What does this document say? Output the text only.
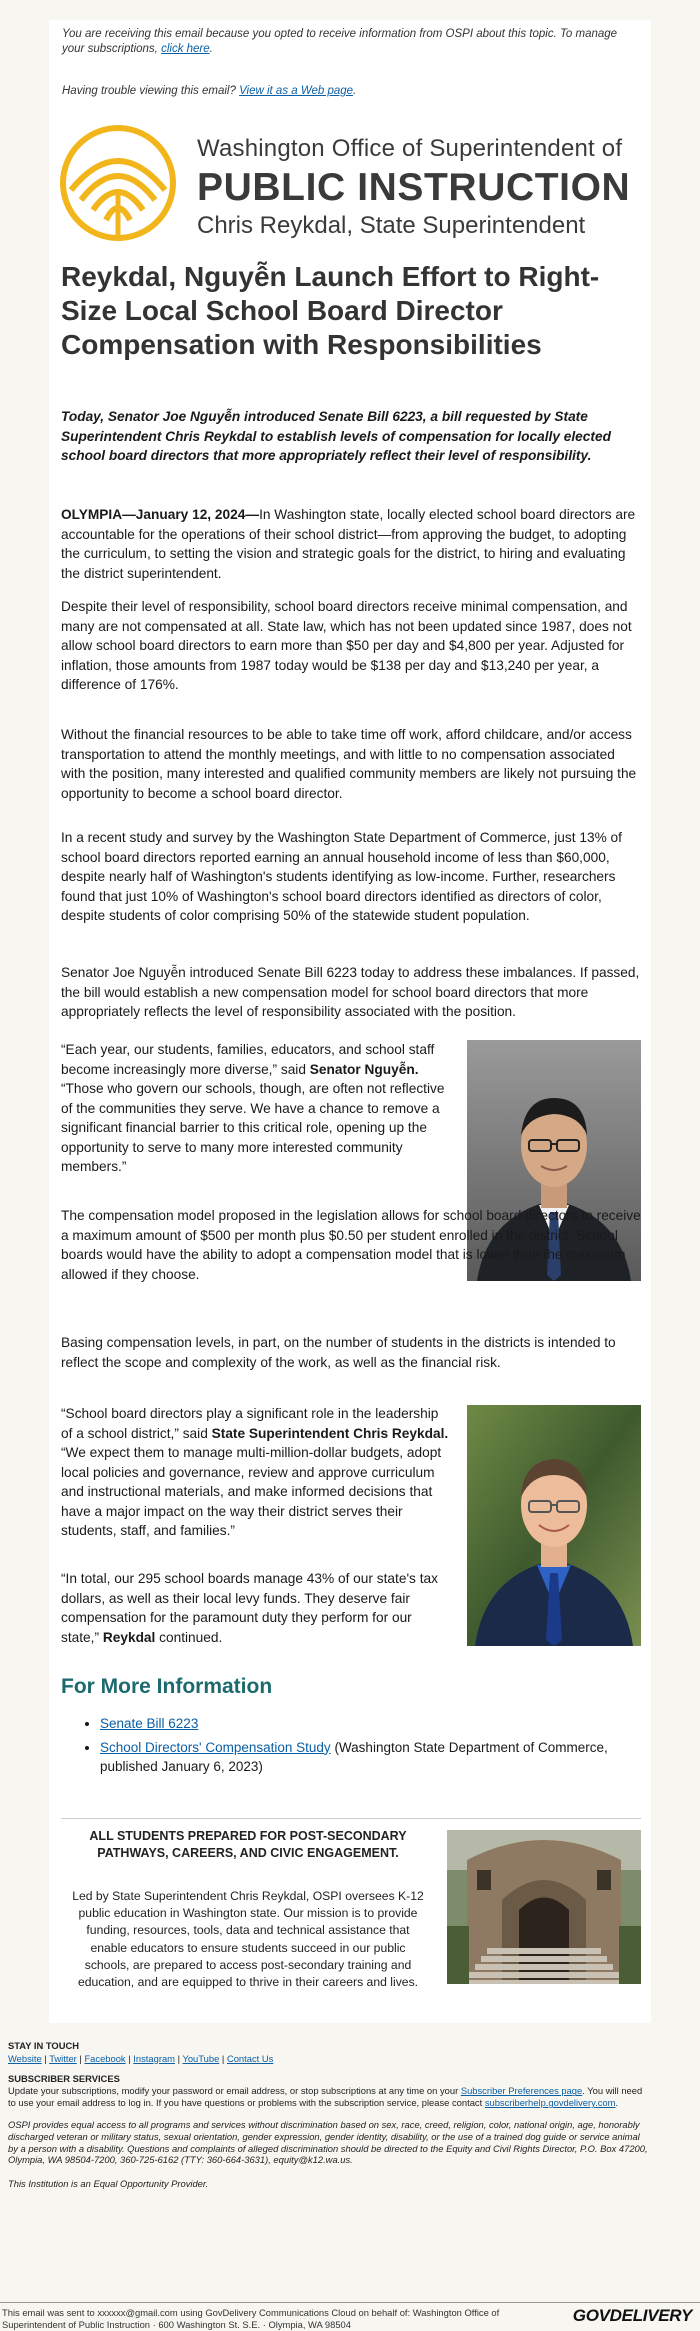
You are receiving this email because you opted to receive information from OSPI about this topic. To manage your subscriptions, click here.

Having trouble viewing this email? View it as a Web page.

Washington Office of Superintendent of
PUBLIC INSTRUCTION
Chris Reykdal, State Superintendent
Reykdal, Nguyễn Launch Effort to Right-Size Local School Board Director Compensation with Responsibilities

Today, Senator Joe Nguyễn introduced Senate Bill 6223, a bill requested by State Superintendent Chris Reykdal to establish levels of compensation for locally elected school board directors that more appropriately reflect their level of responsibility.

OLYMPIA—January 12, 2024—In Washington state, locally elected school board directors are accountable for the operations of their school district—from approving the budget, to adopting the curriculum, to setting the vision and strategic goals for the district, to hiring and evaluating the district superintendent.

Despite their level of responsibility, school board directors receive minimal compensation, and many are not compensated at all. State law, which has not been updated since 1987, does not allow school board directors to earn more than $50 per day and $4,800 per year. Adjusted for inflation, those amounts from 1987 today would be $138 per day and $13,240 per year, a difference of 176%.

Without the financial resources to be able to take time off work, afford childcare, and/or access transportation to attend the monthly meetings, and with little to no compensation associated with the position, many interested and qualified community members are likely not pursuing the opportunity to become a school board director.

In a recent study and survey by the Washington State Department of Commerce, just 13% of school board directors reported earning an annual household income of less than $60,000, despite nearly half of Washington's students identifying as low-income. Further, researchers found that just 10% of Washington's school board directors identified as directors of color, despite students of color comprising 50% of the statewide student population.

Senator Joe Nguyễn introduced Senate Bill 6223 today to address these imbalances. If passed, the bill would establish a new compensation model for school board directors that more appropriately reflects the level of responsibility associated with the position.

“Each year, our students, families, educators, and school staff become increasingly more diverse,” said Senator Nguyễn. “Those who govern our schools, though, are often not reflective of the communities they serve. We have a chance to remove a significant financial barrier to this critical role, opening up the opportunity to serve to many more interested community members.”

The compensation model proposed in the legislation allows for school board directors to receive a maximum amount of $500 per month plus $0.50 per student enrolled in the district. School boards would have the ability to adopt a compensation model that is lower than the maximum allowed if they choose.

Basing compensation levels, in part, on the number of students in the districts is intended to reflect the scope and complexity of the work, as well as the financial risk.

“School board directors play a significant role in the leadership of a school district,” said State Superintendent Chris Reykdal. “We expect them to manage multi-million-dollar budgets, adopt local policies and governance, review and approve curriculum and instructional materials, and make informed decisions that have a major impact on the way their district serves their students, staff, and families.”

“In total, our 295 school boards manage 43% of our state's tax dollars, as well as their local levy funds. They deserve fair compensation for the paramount duty they perform for our state,” Reykdal continued.

For More Information
• Senate Bill 6223
• School Directors' Compensation Study (Washington State Department of Commerce, published January 6, 2023)
ALL STUDENTS PREPARED FOR POST-SECONDARY PATHWAYS, CAREERS, AND CIVIC ENGAGEMENT.
Led by State Superintendent Chris Reykdal, OSPI oversees K-12 public education in Washington state. Our mission is to provide funding, resources, tools, data and technical assistance that enable educators to ensure students succeed in our public schools, are prepared to access post-secondary training and education, and are equipped to thrive in their careers and lives.
STAY IN TOUCH
Website | Twitter | Facebook | Instagram | YouTube | Contact Us
SUBSCRIBER SERVICES
Update your subscriptions, modify your password or email address, or stop subscriptions at any time on your Subscriber Preferences page. You will need to use your email address to log in. If you have questions or problems with the subscription service, please contact subscriberhelp.govdelivery.com.
OSPI provides equal access to all programs and services without discrimination based on sex, race, creed, religion, color, national origin, age, honorably discharged veteran or military status, sexual orientation, gender expression, gender identity, disability, or the use of a trained dog guide or service animal by a person with a disability. Questions and complaints of alleged discrimination should be directed to the Equity and Civil Rights Director, P.O. Box 47200, Olympia, WA 98504-7200, 360-725-6162 (TTY: 360-664-3631), equity@k12.wa.us.
This Institution is an Equal Opportunity Provider.
This email was sent to xxxxxx@gmail.com using GovDelivery Communications Cloud on behalf of: Washington Office of Superintendent of Public Instruction · 600 Washington St. S.E. · Olympia, WA 98504	GOVDELIVERY
